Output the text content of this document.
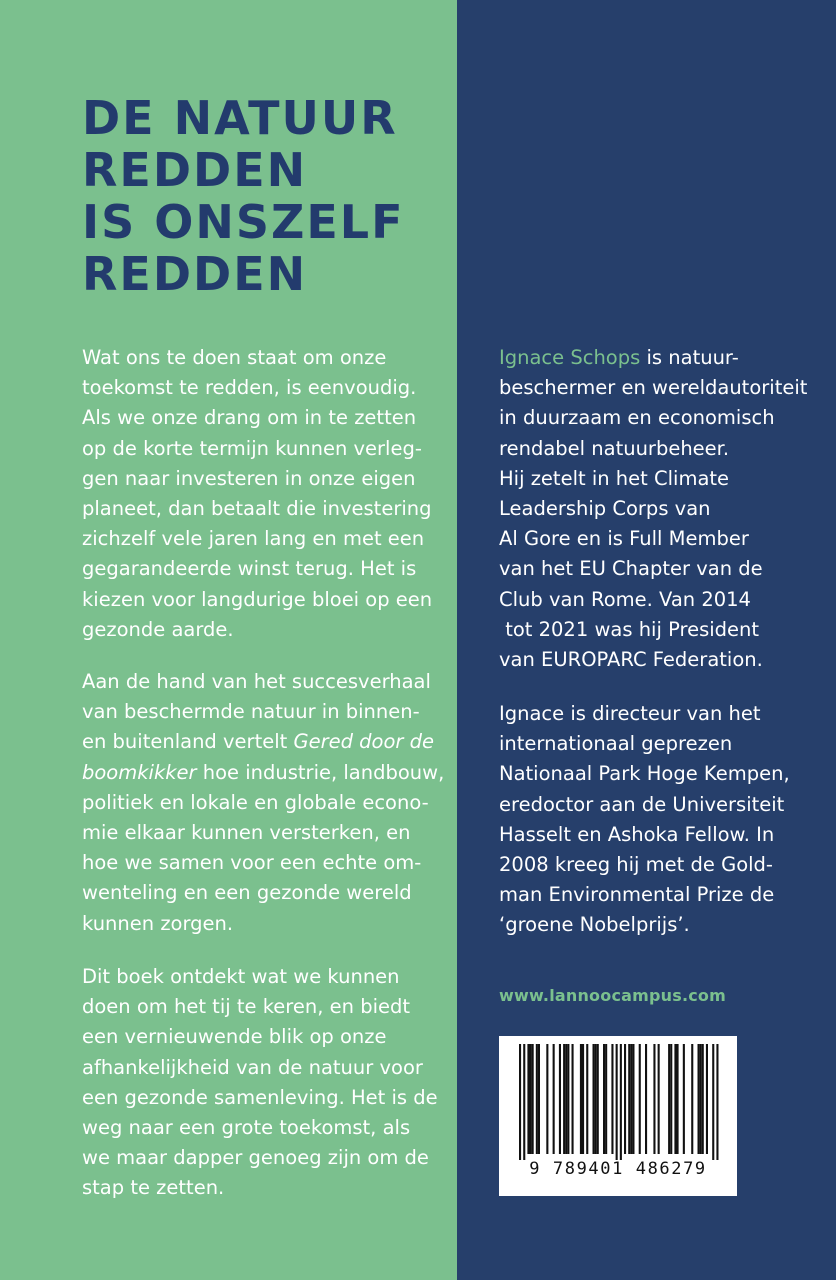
DE NATUUR
REDDEN
IS ONSZELF
REDDEN

Wat ons te doen staat om onze
toekomst te redden, is eenvoudig.
Als we onze drang om in te zetten
op de korte termijn kunnen verleg-
gen naar investeren in onze eigen
planeet, dan betaalt die investering
zichzelf vele jaren lang en met een
gegarandeerde winst terug. Het is
kiezen voor langdurige bloei op een
gezonde aarde.

Aan de hand van het succesverhaal
van beschermde natuur in binnen-
en buitenland vertelt Gered door de
boomkikker hoe industrie, landbouw,
politiek en lokale en globale econo-
mie elkaar kunnen versterken, en
hoe we samen voor een echte om-
wenteling en een gezonde wereld
kunnen zorgen.

Dit boek ontdekt wat we kunnen
doen om het tij te keren, en biedt
een vernieuwende blik op onze
afhankelijkheid van de natuur voor
een gezonde samenleving. Het is de
weg naar een grote toekomst, als
we maar dapper genoeg zijn om de
stap te zetten.

Ignace Schops is natuur-
beschermer en wereldautoriteit
in duurzaam en economisch
rendabel natuurbeheer.
Hij zetelt in het Climate
Leadership Corps van
Al Gore en is Full Member
van het EU Chapter van de
Club van Rome. Van 2014
tot 2021 was hij President
van EUROPARC Federation.

Ignace is directeur van het
internationaal geprezen
Nationaal Park Hoge Kempen,
eredoctor aan de Universiteit
Hasselt en Ashoka Fellow. In
2008 kreeg hij met de Gold-
man Environmental Prize de
‘groene Nobelprijs’.

www.lannoocampus.com
9 789401 486279
